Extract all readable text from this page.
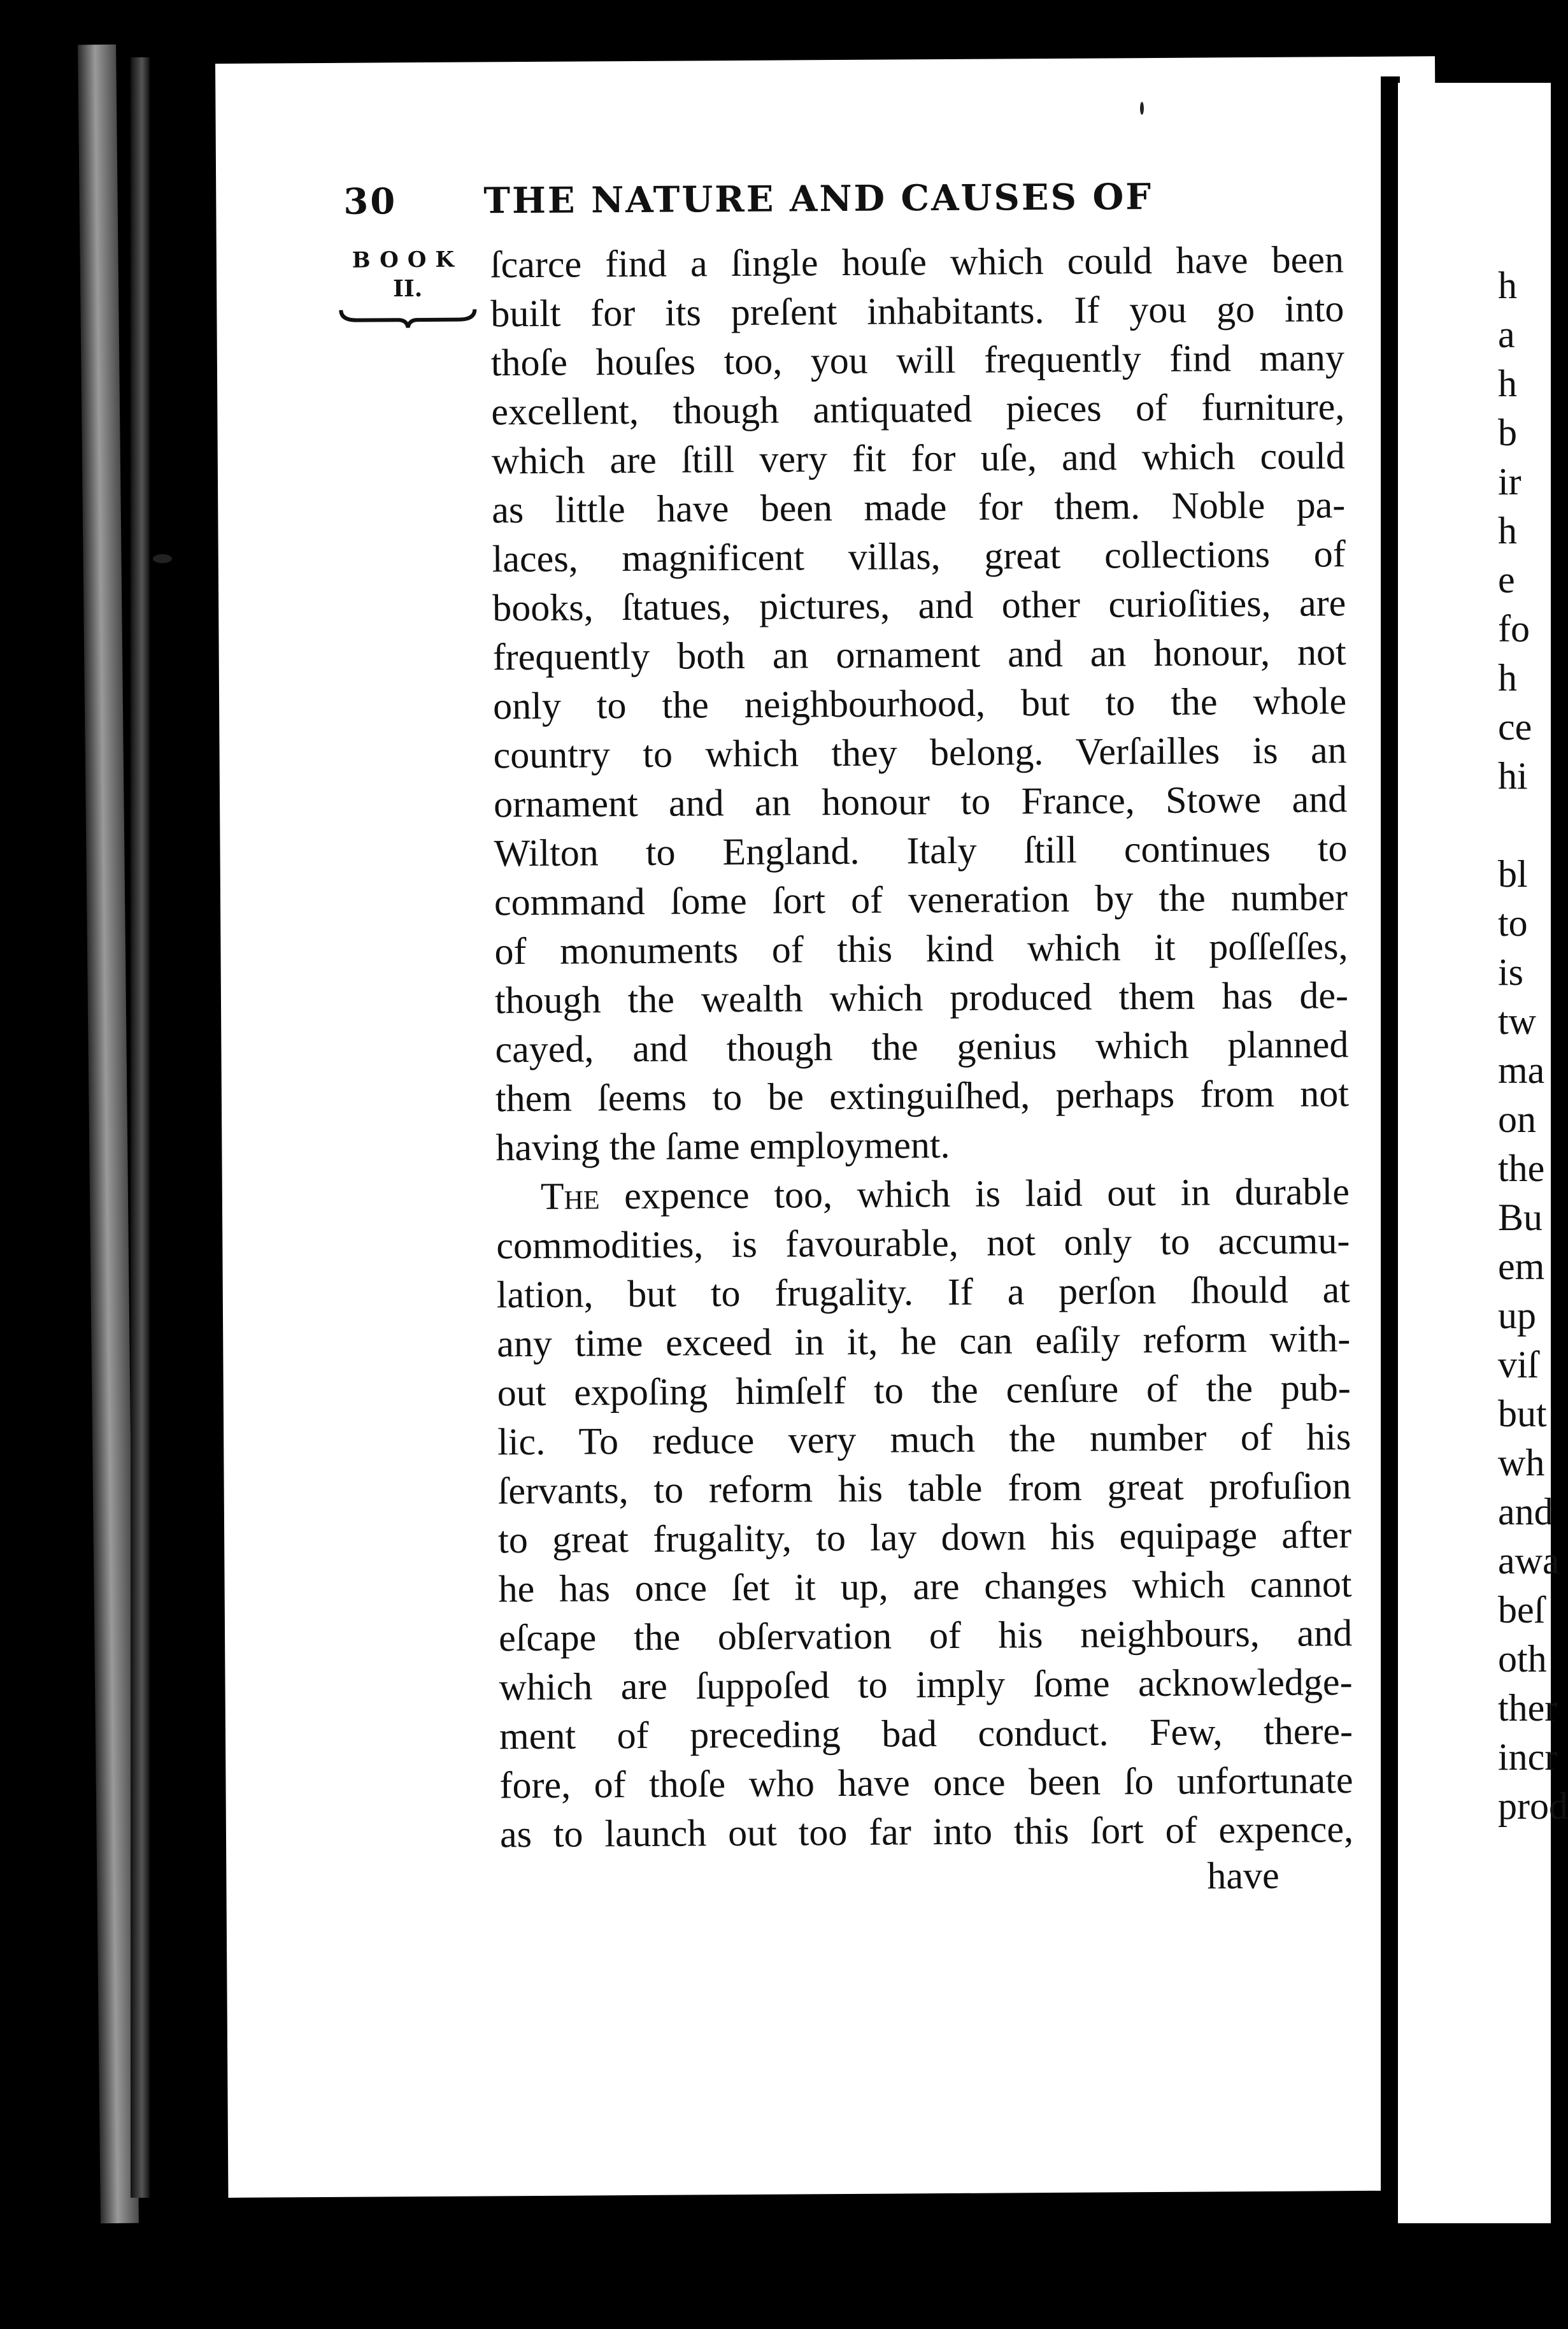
30 THE NATURE AND CAUSES OF
BOOK
II.
ſcarce find a ſingle houſe which could have been
built for its preſent inhabitants. If you go into
thoſe houſes too, you will frequently find many
excellent, though antiquated pieces of furniture,
which are ſtill very fit for uſe, and which could
as little have been made for them. Noble pa-
laces, magnificent villas, great collections of
books, ſtatues, pictures, and other curioſities, are
frequently both an ornament and an honour, not
only to the neighbourhood, but to the whole
country to which they belong. Verſailles is an
ornament and an honour to France, Stowe and
Wilton to England. Italy ſtill continues to
command ſome ſort of veneration by the number
of monuments of this kind which it poſſeſſes,
though the wealth which produced them has de-
cayed, and though the genius which planned
them ſeems to be extinguiſhed, perhaps from not
having the ſame employment.
The expence too, which is laid out in durable
commodities, is favourable, not only to accumu-
lation, but to frugality. If a perſon ſhould at
any time exceed in it, he can eaſily reform with-
out expoſing himſelf to the cenſure of the pub-
lic. To reduce very much the number of his
ſervants, to reform his table from great profuſion
to great frugality, to lay down his equipage after
he has once ſet it up, are changes which cannot
eſcape the obſervation of his neighbours, and
which are ſuppoſed to imply ſome acknowledge-
ment of preceding bad conduct. Few, there-
fore, of thoſe who have once been ſo unfortunate
as to launch out too far into this ſort of expence,
have
h
a
h
b
ir
h
e
fo
h
ce
hi

bl
to
is
tw
ma
on
the
Bu
em
up
viſ
but
wh
and
awa
beſ
oth
ther
incr
prod
